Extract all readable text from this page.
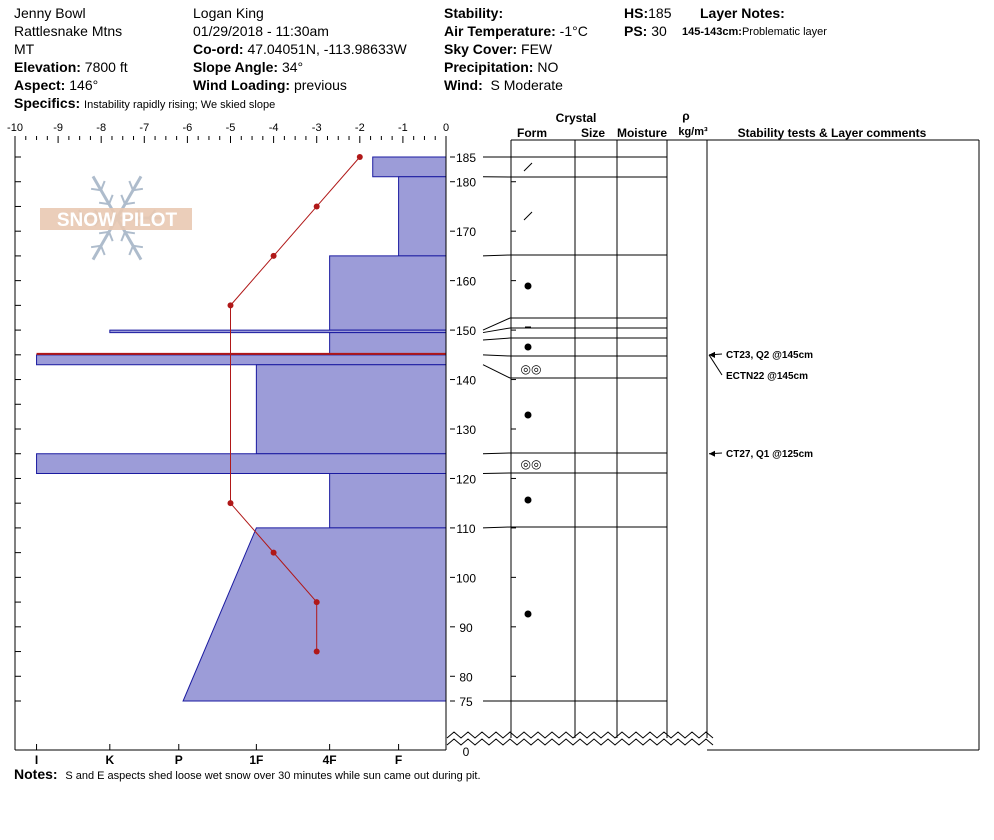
Jenny Bowl
Rattlesnake Mtns
MT
Elevation: 7800 ft
Aspect: 146°
Specifics: Instability rapidly rising; We skied slope
Logan King
01/29/2018 - 11:30am
Co-ord: 47.04051N, -113.98633W
Slope Angle: 34°
Wind Loading: previous
Stability:
Air Temperature: -1°C
Sky Cover: FEW
Precipitation: NO
Wind: S Moderate
HS:185
PS: 30
Layer Notes:
145-143cm:Problematic layer
SNOW PILOT
-10	-9	-8	-7	-6	-5	-4	-3	-2	-1	0
I	K	P	1F	4F	F
Crystal
Form	Size Moisture
ρ
kg/m³ Stability tests & Layer comments
185
180
170
160
150
140
130
120
110
100
90
80
75
0
◎◎
◎◎
CT23, Q2 @145cm
ECTN22 @145cm
CT27, Q1 @125cm
Notes: S and E aspects shed loose wet snow over 30 minutes while sun came out during pit.
